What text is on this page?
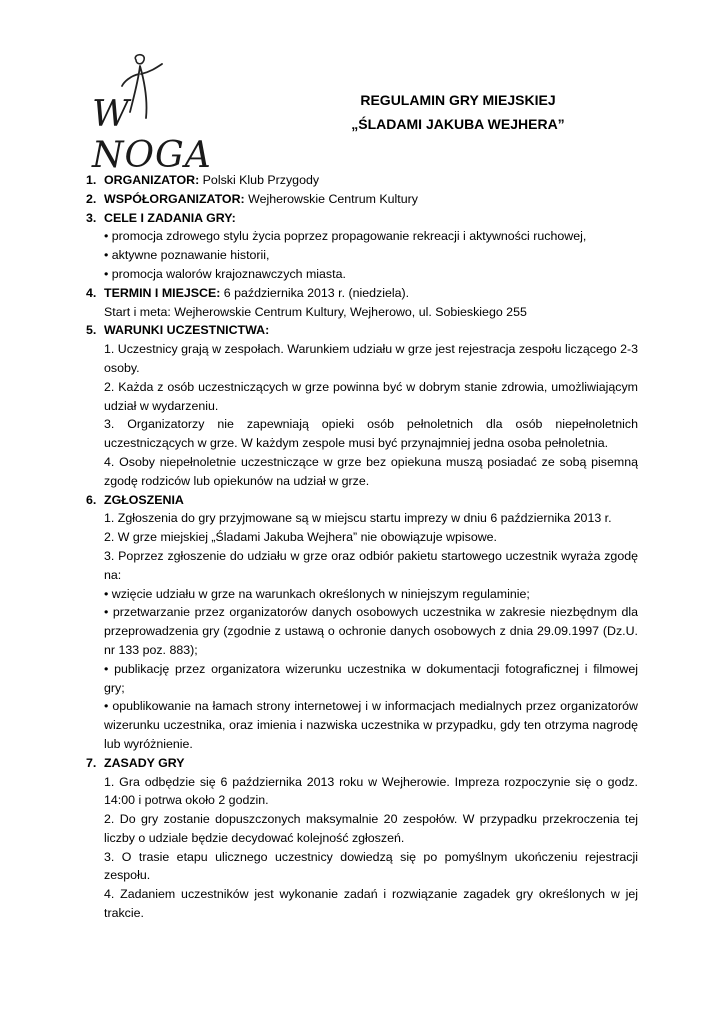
W NOGA
REGULAMIN GRY MIEJSKIEJ
„ŚLADAMI JAKUBA WEJHERA”
1. ORGANIZATOR: Polski Klub Przygody
2. WSPÓŁORGANIZATOR: Wejherowskie Centrum Kultury
3. CELE I ZADANIA GRY:
• promocja zdrowego stylu życia poprzez propagowanie rekreacji i aktywności ruchowej,
• aktywne poznawanie historii,
• promocja walorów krajoznawczych miasta.
4. TERMIN I MIEJSCE: 6 października 2013 r. (niedziela).
Start i meta: Wejherowskie Centrum Kultury, Wejherowo, ul. Sobieskiego 255
5. WARUNKI UCZESTNICTWA:
1. Uczestnicy grają w zespołach. Warunkiem udziału w grze jest rejestracja zespołu liczącego 2-3 osoby.
2. Każda z osób uczestniczących w grze powinna być w dobrym stanie zdrowia, umożliwiającym udział w wydarzeniu.
3. Organizatorzy nie zapewniają opieki osób pełnoletnich dla osób niepełnoletnich uczestniczących w grze. W każdym zespole musi być przynajmniej jedna osoba pełnoletnia.
4. Osoby niepełnoletnie uczestniczące w grze bez opiekuna muszą posiadać ze sobą pisemną zgodę rodziców lub opiekunów na udział w grze.
6. ZGŁOSZENIA
1. Zgłoszenia do gry przyjmowane są w miejscu startu imprezy w dniu 6 października 2013 r.
2. W grze miejskiej „Śladami Jakuba Wejhera” nie obowiązuje wpisowe.
3. Poprzez zgłoszenie do udziału w grze oraz odbiór pakietu startowego uczestnik wyraża zgodę na:
• wzięcie udziału w grze na warunkach określonych w niniejszym regulaminie;
• przetwarzanie przez organizatorów danych osobowych uczestnika w zakresie niezbędnym dla przeprowadzenia gry (zgodnie z ustawą o ochronie danych osobowych z dnia 29.09.1997 (Dz.U. nr 133 poz. 883);
• publikację przez organizatora wizerunku uczestnika w dokumentacji fotograficznej i filmowej gry;
• opublikowanie na łamach strony internetowej i w informacjach medialnych przez organizatorów wizerunku uczestnika, oraz imienia i nazwiska uczestnika w przypadku, gdy ten otrzyma nagrodę lub wyróżnienie.
7. ZASADY GRY
1. Gra odbędzie się 6 października 2013 roku w Wejherowie. Impreza rozpoczynie się o godz. 14:00 i potrwa około 2 godzin.
2. Do gry zostanie dopuszczonych maksymalnie 20 zespołów. W przypadku przekroczenia tej liczby o udziale będzie decydować kolejność zgłoszeń.
3. O trasie etapu ulicznego uczestnicy dowiedzą się po pomyślnym ukończeniu rejestracji zespołu.
4. Zadaniem uczestników jest wykonanie zadań i rozwiązanie zagadek gry określonych w jej trakcie.
